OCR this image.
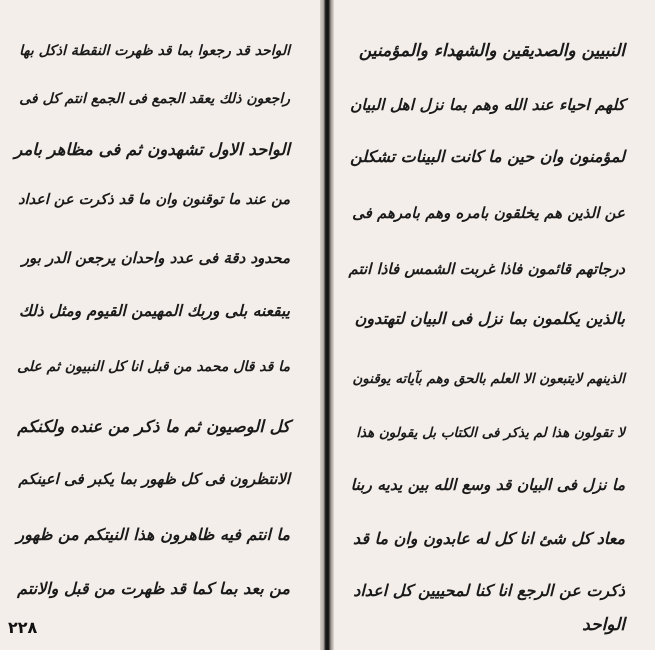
الواحد قد رجعوا بما قد ظهرت النقطة اذكل بها
راجعون ذلك يعقد الجمع فى الجمع انتم كل فى
الواحد الاول تشهدون ثم فى مظاهر بامر
من عند ما توقنون وان ما قد ذكرت عن اعداد
محدود دقة فى عدد واحدان يرجعن الدر بور
يبقعنه بلى وربك المهيمن القيوم ومثل ذلك
ما قد قال محمد من قبل انا كل النبيون ثم على
كل الوصيون ثم ما ذكر من عنده ولكنكم
الانتظرون فى كل ظهور بما يكبر فى اعينكم
ما انتم فيه ظاهرون هذا النيتكم من ظهور
من بعد بما كما قد ظهرت من قبل والانتم
٢٢٨
النبيين والصديقين والشهداء والمؤمنين
كلهم احياء عند الله وهم بما نزل اهل البيان
لمؤمنون وان حين ما كانت البينات تشكلن
عن الذين هم يخلقون بامره وهم بامرهم فى
درجاتهم قائمون فاذا غربت الشمس فاذا انتم
بالذين يكلمون بما نزل فى البيان لتهتدون
الذينهم لايتبعون الا العلم بالحق وهم بآياته يوقنون
لا تقولون هذا لم يذكر فى الكتاب بل يقولون هذا
ما نزل فى البيان قد وسع الله بين يديه ربنا
معاد كل شئ انا كل له عابدون وان ما قد
ذكرت عن الرجع انا كنا لمحييين كل اعداد
الواحد
